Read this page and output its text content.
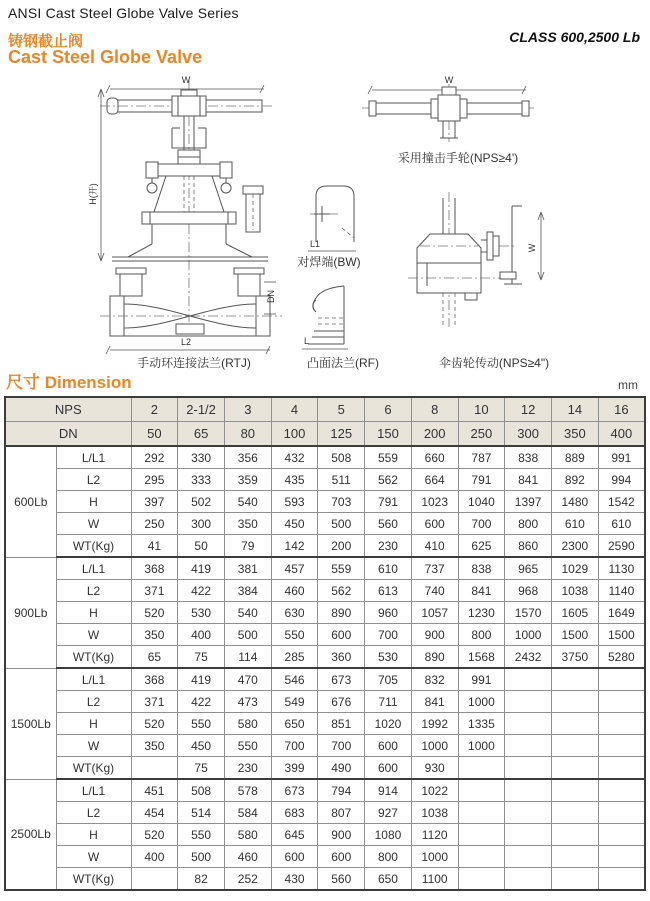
ANSI Cast Steel Globe Valve Series
CLASS 600,2500 Lb
铸钢截止阀
Cast Steel Globe Valve
W
DN
H(开)
L2
手动环连接法兰(RTJ)
W
采用撞击手轮(NPS≥4')
L1
对焊端(BW)
L
凸面法兰(RF)
W
伞齿轮传动(NPS≥4")
尺寸 Dimension	mm
NPS		2	2-1/2	3	4	5	6	8	10	12	14	16
DN		50	65	80	100	125	150	200	250	300	350	400
600Lb	L/L1	292	330	356	432	508	559	660	787	838	889	991
	L2	295	333	359	435	511	562	664	791	841	892	994
	H	397	502	540	593	703	791	1023	1040	1397	1480	1542
	W	250	300	350	450	500	560	600	700	800	610	610
	WT(Kg)	41	50	79	142	200	230	410	625	860	2300	2590
900Lb	L/L1	368	419	381	457	559	610	737	838	965	1029	1130
	L2	371	422	384	460	562	613	740	841	968	1038	1140
	H	520	530	540	630	890	960	1057	1230	1570	1605	1649
	W	350	400	500	550	600	700	900	800	1000	1500	1500
	WT(Kg)	65	75	114	285	360	530	890	1568	2432	3750	5280
1500Lb	L/L1	368	419	470	546	673	705	832	991			
	L2	371	422	473	549	676	711	841	1000			
	H	520	550	580	650	851	1020	1992	1335			
	W	350	450	550	700	700	600	1000	1000			
	WT(Kg)		75	230	399	490	600	930				
2500Lb	L/L1	451	508	578	673	794	914	1022				
	L2	454	514	584	683	807	927	1038				
	H	520	550	580	645	900	1080	1120				
	W	400	500	460	600	600	800	1000				
	WT(Kg)		82	252	430	560	650	1100				
